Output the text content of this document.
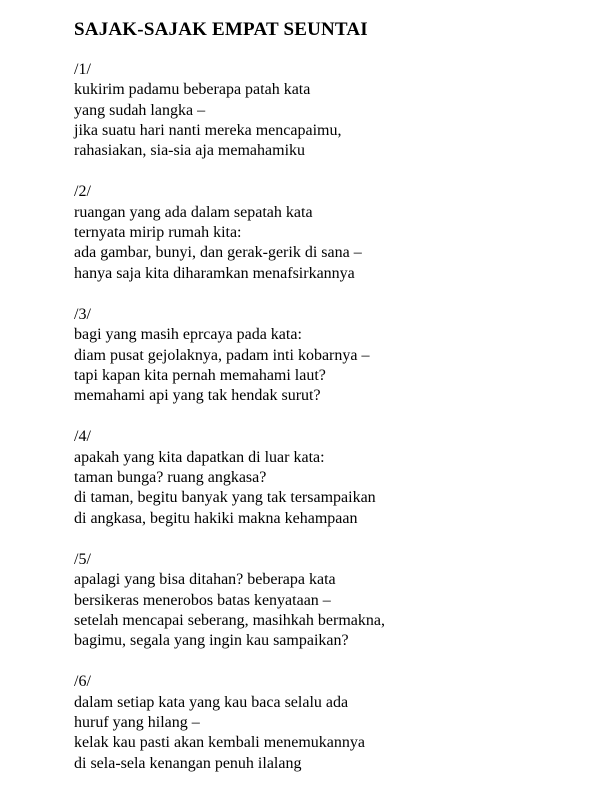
SAJAK-SAJAK EMPAT SEUNTAI
/1/
kukirim padamu beberapa patah kata
yang sudah langka –
jika suatu hari nanti mereka mencapaimu,
rahasiakan, sia-sia aja memahamiku
/2/
ruangan yang ada dalam sepatah kata
ternyata mirip rumah kita:
ada gambar, bunyi, dan gerak-gerik di sana –
hanya saja kita diharamkan menafsirkannya
/3/
bagi yang masih eprcaya pada kata:
diam pusat gejolaknya, padam inti kobarnya –
tapi kapan kita pernah memahami laut?
memahami api yang tak hendak surut?
/4/
apakah yang kita dapatkan di luar kata:
taman bunga? ruang angkasa?
di taman, begitu banyak yang tak tersampaikan
di angkasa, begitu hakiki makna kehampaan
/5/
apalagi yang bisa ditahan? beberapa kata
bersikeras menerobos batas kenyataan –
setelah mencapai seberang, masihkah bermakna,
bagimu, segala yang ingin kau sampaikan?
/6/
dalam setiap kata yang kau baca selalu ada
huruf yang hilang –
kelak kau pasti akan kembali menemukannya
di sela-sela kenangan penuh ilalang
